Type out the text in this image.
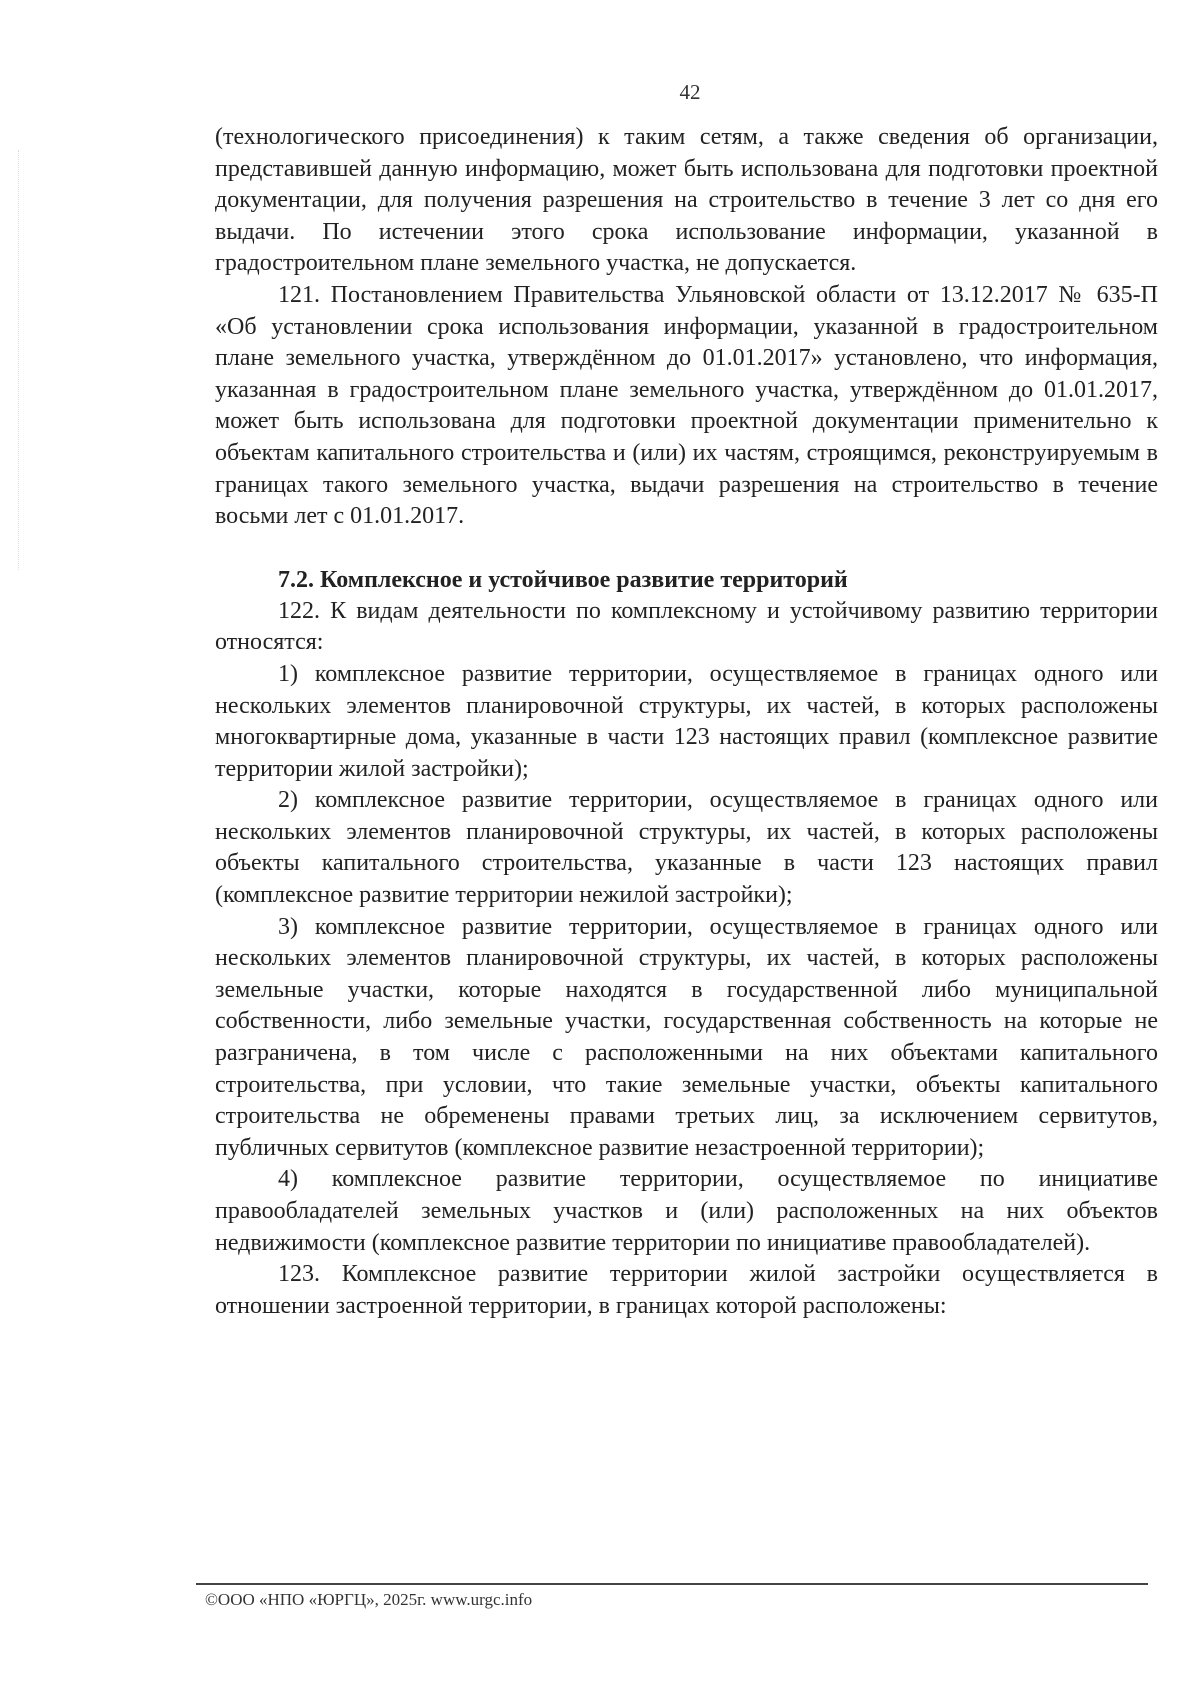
42

(технологического присоединения) к таким сетям, а также сведения об организации, представившей данную информацию, может быть использована для подготовки проектной документации, для получения разрешения на строительство в течение 3 лет со дня его выдачи. По истечении этого срока использование информации, указанной в градостроительном плане земельного участка, не допускается.

121. Постановлением Правительства Ульяновской области от 13.12.2017 № 635-П «Об установлении срока использования информации, указанной в градостроительном плане земельного участка, утверждённом до 01.01.2017» установлено, что информация, указанная в градостроительном плане земельного участка, утверждённом до 01.01.2017, может быть использована для подготовки проектной документации применительно к объектам капитального строительства и (или) их частям, строящимся, реконструируемым в границах такого земельного участка, выдачи разрешения на строительство в течение восьми лет с 01.01.2017.

7.2. Комплексное и устойчивое развитие территорий

122. К видам деятельности по комплексному и устойчивому развитию территории относятся:

1) комплексное развитие территории, осуществляемое в границах одного или нескольких элементов планировочной структуры, их частей, в которых расположены многоквартирные дома, указанные в части 123 настоящих правил (комплексное развитие территории жилой застройки);

2) комплексное развитие территории, осуществляемое в границах одного или нескольких элементов планировочной структуры, их частей, в которых расположены объекты капитального строительства, указанные в части 123 настоящих правил (комплексное развитие территории нежилой застройки);

3) комплексное развитие территории, осуществляемое в границах одного или нескольких элементов планировочной структуры, их частей, в которых расположены земельные участки, которые находятся в государственной либо муниципальной собственности, либо земельные участки, государственная собственность на которые не разграничена, в том числе с расположенными на них объектами капитального строительства, при условии, что такие земельные участки, объекты капитального строительства не обременены правами третьих лиц, за исключением сервитутов, публичных сервитутов (комплексное развитие незастроенной территории);

4) комплексное развитие территории, осуществляемое по инициативе правообладателей земельных участков и (или) расположенных на них объектов недвижимости (комплексное развитие территории по инициативе правообладателей).

123. Комплексное развитие территории жилой застройки осуществляется в отношении застроенной территории, в границах которой расположены:

©ООО «НПО «ЮРГЦ», 2025г. www.urgc.info
